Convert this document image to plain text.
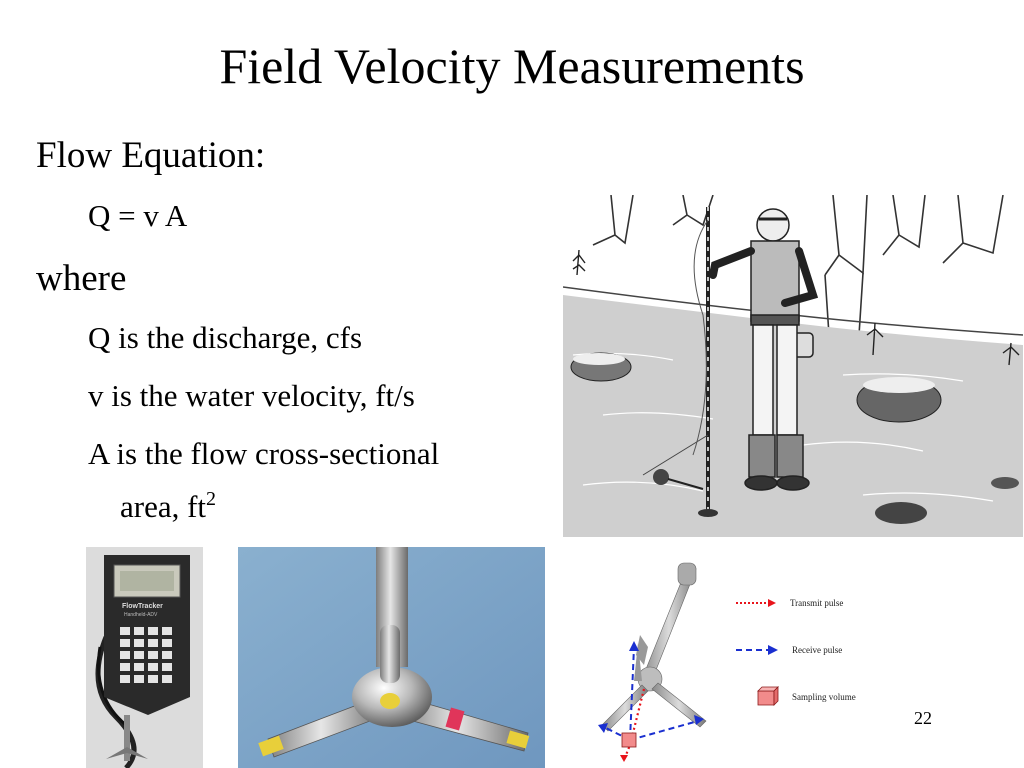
Field Velocity Measurements
Flow Equation:
Q = v A
where
Q is the discharge, cfs
v is the water velocity, ft/s
A is the flow cross-sectional
area, $ft^2$
FlowTracker
Handheld-ADV
Transmit pulse
Receive pulse
Sampling volume
22
